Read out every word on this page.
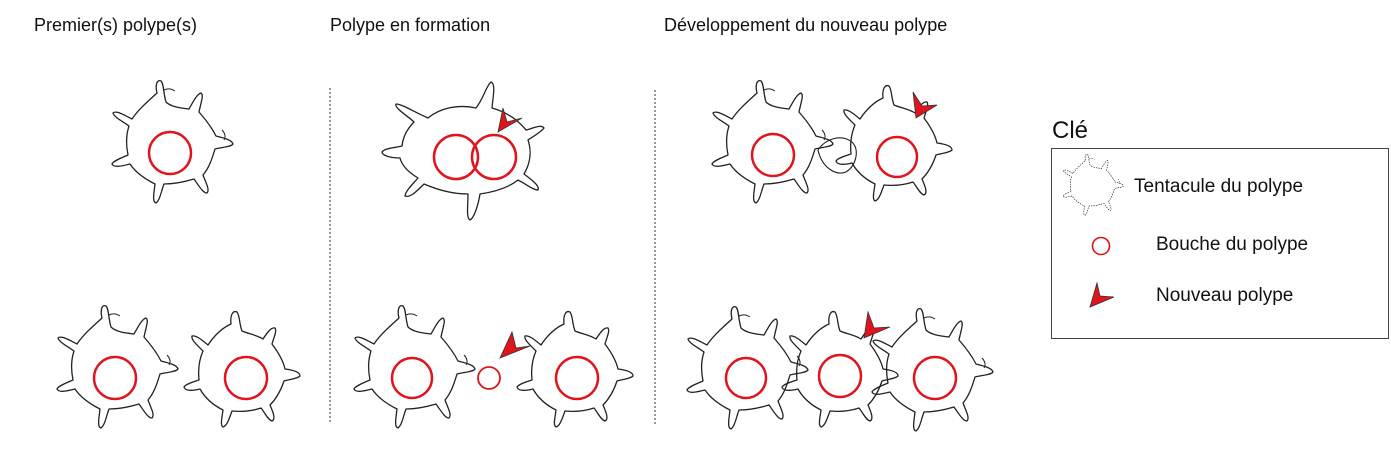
Premier(s) polype(s)	Polype en formation	Développement du nouveau polype
Clé
Tentacule du polype
Bouche du polype
Nouveau polype
